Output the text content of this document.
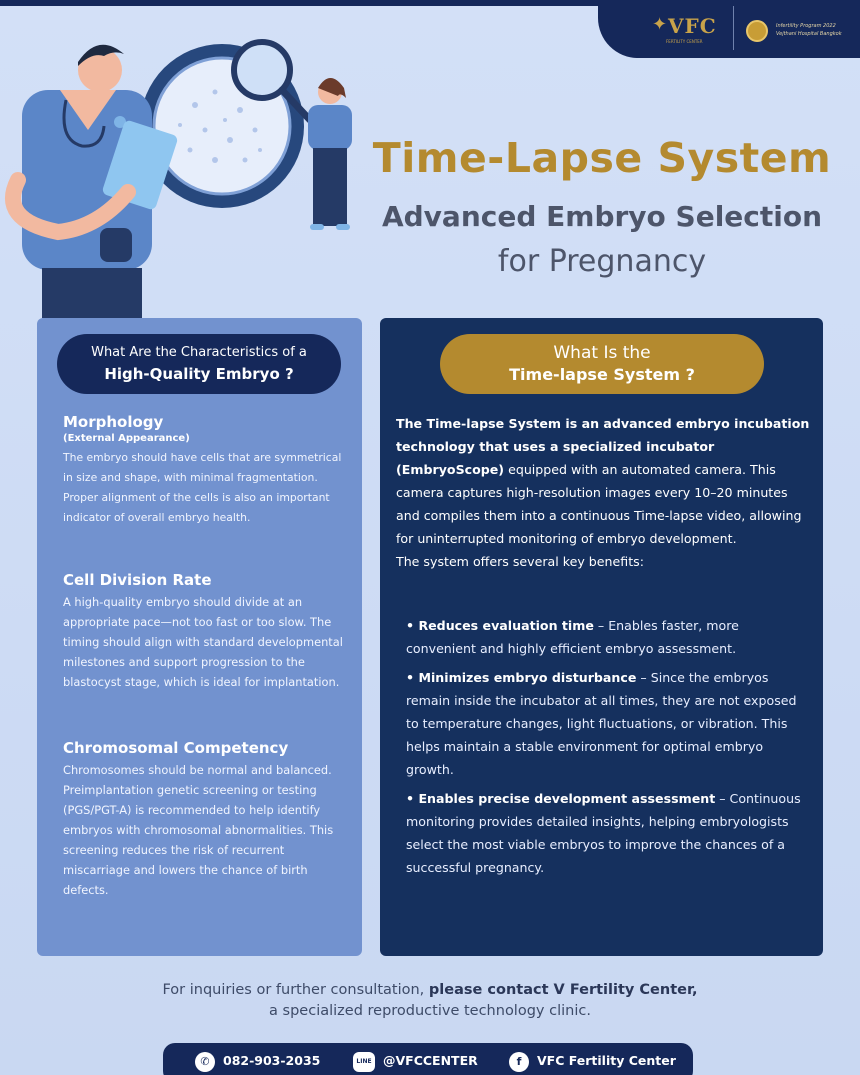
✦ VFC
FERTILITY CENTER
Infertility Program 2022
Vejthani Hospital Bangkok
Time-Lapse System
Advanced Embryo Selection
for Pregnancy
What Are the Characteristics of a
High-Quality Embryo ?
Morphology
(External Appearance)

The embryo should have cells that are symmetrical in size and shape, with minimal fragmentation. Proper alignment of the cells is also an important indicator of overall embryo health.

Cell Division Rate

A high-quality embryo should divide at an appropriate pace—not too fast or too slow. The timing should align with standard developmental milestones and support progression to the blastocyst stage, which is ideal for implantation.

Chromosomal Competency

Chromosomes should be normal and balanced. Preimplantation genetic screening or testing (PGS/PGT-A) is recommended to help identify embryos with chromosomal abnormalities. This screening reduces the risk of recurrent miscarriage and lowers the chance of birth defects.

What Is the
Time-lapse System ?
The Time-lapse System is an advanced embryo incubation technology that uses a specialized incubator (EmbryoScope) equipped with an automated camera. This camera captures high-resolution images every 10–20 minutes and compiles them into a continuous Time-lapse video, allowing for uninterrupted monitoring of embryo development.
The system offers several key benefits:
• Reduces evaluation time – Enables faster, more convenient and highly efficient embryo assessment.
• Minimizes embryo disturbance – Since the embryos remain inside the incubator at all times, they are not exposed to temperature changes, light fluctuations, or vibration. This helps maintain a stable environment for optimal embryo growth.
• Enables precise development assessment – Continuous monitoring provides detailed insights, helping embryologists select the most viable embryos to improve the chances of a successful pregnancy.
For inquiries or further consultation, please contact V Fertility Center,
a specialized reproductive technology clinic.
✆ 082-903-2035	LINE @VFCCENTER	f VFC Fertility Center
